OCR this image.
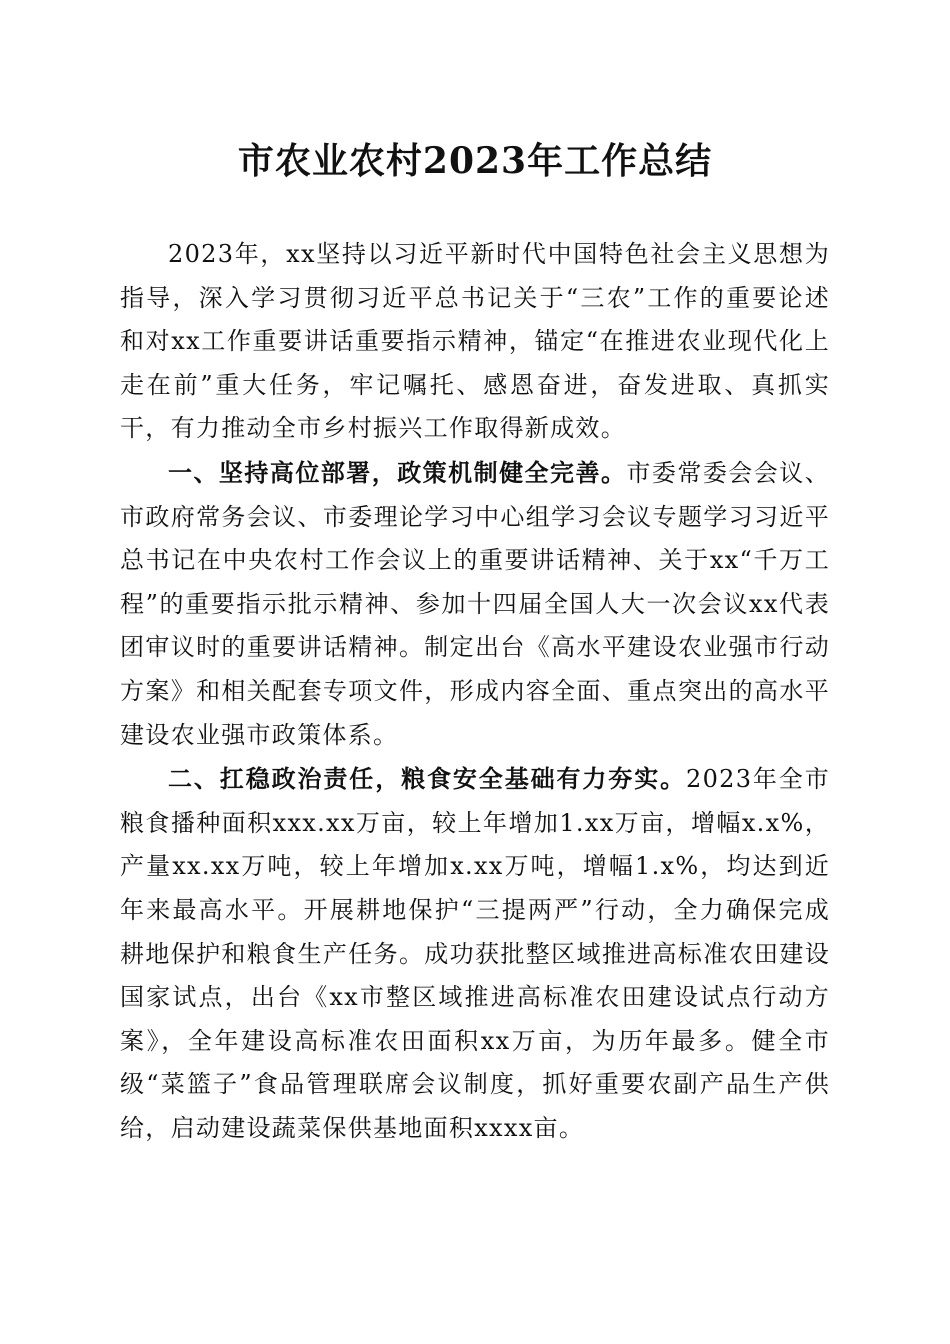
市农业农村2023年工作总结

2023年，xx坚持以习近平新时代中国特色社会主义思想为指导，深入学习贯彻习近平总书记关于“三农”工作的重要论述和对xx工作重要讲话重要指示精神，锚定“在推进农业现代化上走在前”重大任务，牢记嘱托、感恩奋进，奋发进取、真抓实干，有力推动全市乡村振兴工作取得新成效。

一、坚持高位部署，政策机制健全完善。市委常委会会议、市政府常务会议、市委理论学习中心组学习会议专题学习习近平总书记在中央农村工作会议上的重要讲话精神、关于xx“千万工程”的重要指示批示精神、参加十四届全国人大一次会议xx代表团审议时的重要讲话精神。制定出台《高水平建设农业强市行动方案》和相关配套专项文件，形成内容全面、重点突出的高水平建设农业强市政策体系。

二、扛稳政治责任，粮食安全基础有力夯实。2023年全市粮食播种面积xxx.xx万亩，较上年增加1.xx万亩，增幅x.x%，产量xx.xx万吨，较上年增加x.xx万吨，增幅1.x%，均达到近年来最高水平。开展耕地保护“三提两严”行动，全力确保完成耕地保护和粮食生产任务。成功获批整区域推进高标准农田建设国家试点，出台《xx市整区域推进高标准农田建设试点行动方案》，全年建设高标准农田面积xx万亩，为历年最多。健全市级“菜篮子”食品管理联席会议制度，抓好重要农副产品生产供给，启动建设蔬菜保供基地面积xxxx亩。
